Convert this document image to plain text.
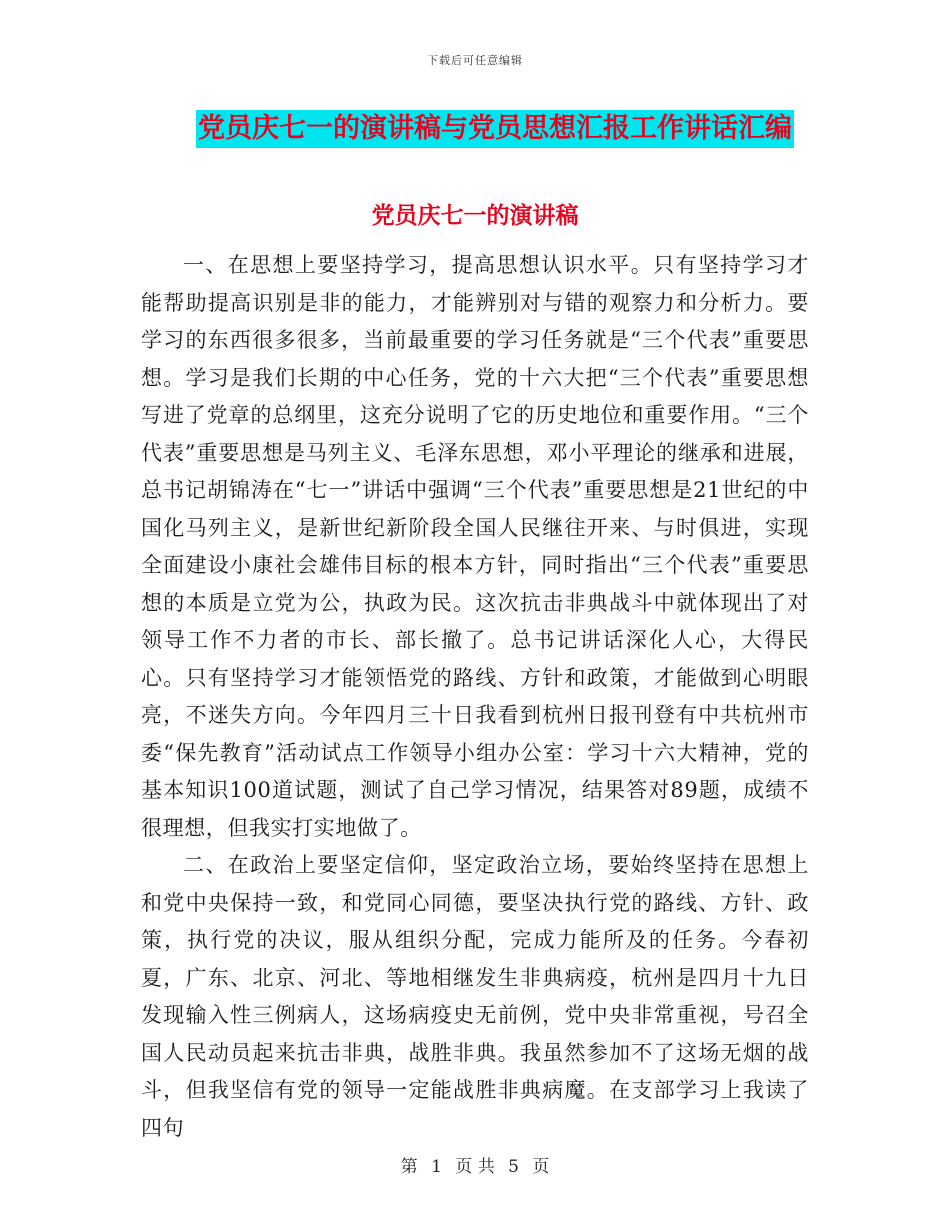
下载后可任意编辑
党员庆七一的演讲稿与党员思想汇报工作讲话汇编
党员庆七一的演讲稿

一、在思想上要坚持学习，提高思想认识水平。只有坚持学习才能帮助提高识别是非的能力，才能辨别对与错的观察力和分析力。要学习的东西很多很多，当前最重要的学习任务就是“三个代表”重要思想。学习是我们长期的中心任务，党的十六大把“三个代表”重要思想写进了党章的总纲里，这充分说明了它的历史地位和重要作用。“三个代表”重要思想是马列主义、毛泽东思想，邓小平理论的继承和进展，总书记胡锦涛在“七一”讲话中强调“三个代表”重要思想是21世纪的中国化马列主义，是新世纪新阶段全国人民继往开来、与时俱进，实现全面建设小康社会雄伟目标的根本方针，同时指出“三个代表”重要思想的本质是立党为公，执政为民。这次抗击非典战斗中就体现出了对领导工作不力者的市长、部长撤了。总书记讲话深化人心，大得民心。只有坚持学习才能领悟党的路线、方针和政策，才能做到心明眼亮，不迷失方向。今年四月三十日我看到杭州日报刊登有中共杭州市委“保先教育”活动试点工作领导小组办公室：学习十六大精神，党的基本知识100道试题，测试了自己学习情况，结果答对89题，成绩不很理想，但我实打实地做了。

二、在政治上要坚定信仰，坚定政治立场，要始终坚持在思想上和党中央保持一致，和党同心同德，要坚决执行党的路线、方针、政策，执行党的决议，服从组织分配，完成力能所及的任务。今春初夏，广东、北京、河北、等地相继发生非典病疫，杭州是四月十九日发现输入性三例病人，这场病疫史无前例，党中央非常重视，号召全国人民动员起来抗击非典，战胜非典。我虽然参加不了这场无烟的战斗，但我坚信有党的领导一定能战胜非典病魔。在支部学习上我读了四句

第 1 页 共 5 页
